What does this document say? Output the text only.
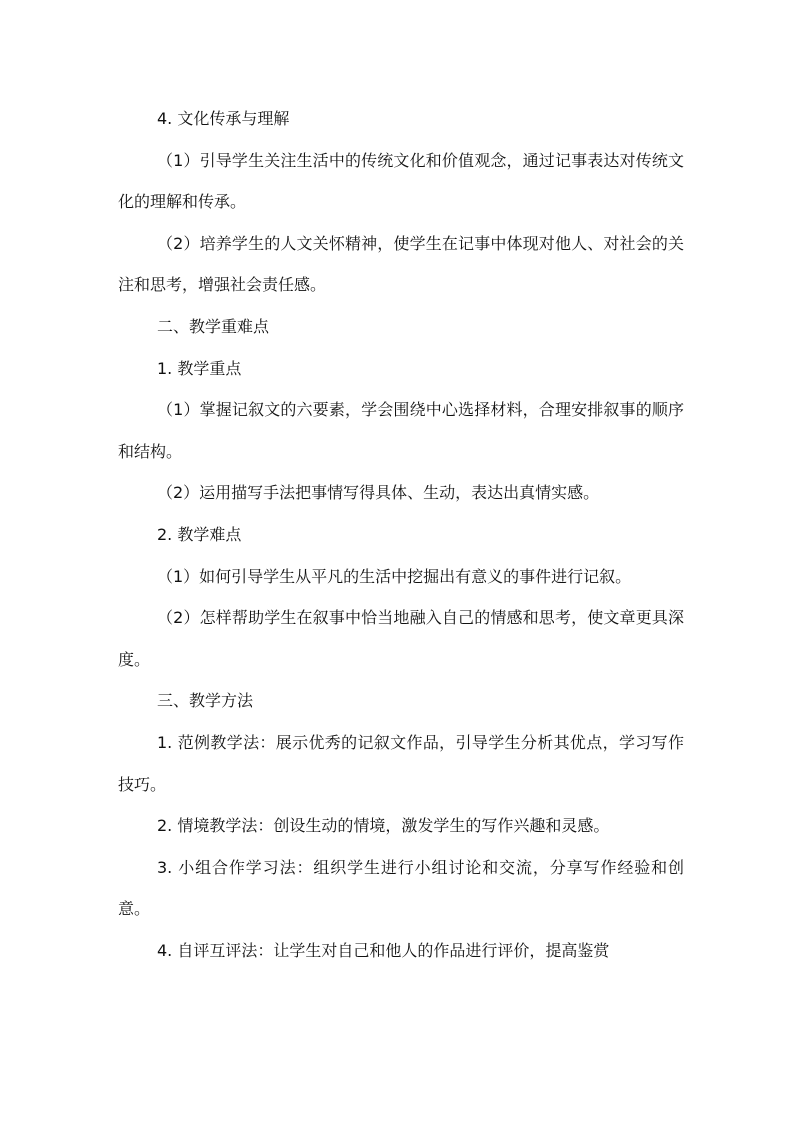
4. 文化传承与理解

（1）引导学生关注生活中的传统文化和价值观念，通过记事表达对传统文化的理解和传承。

（2）培养学生的人文关怀精神，使学生在记事中体现对他人、对社会的关注和思考，增强社会责任感。

二、教学重难点

1. 教学重点

（1）掌握记叙文的六要素，学会围绕中心选择材料，合理安排叙事的顺序和结构。

（2）运用描写手法把事情写得具体、生动，表达出真情实感。

2. 教学难点

（1）如何引导学生从平凡的生活中挖掘出有意义的事件进行记叙。

（2）怎样帮助学生在叙事中恰当地融入自己的情感和思考，使文章更具深度。

三、教学方法

1. 范例教学法：展示优秀的记叙文作品，引导学生分析其优点，学习写作技巧。

2. 情境教学法：创设生动的情境，激发学生的写作兴趣和灵感。

3. 小组合作学习法：组织学生进行小组讨论和交流，分享写作经验和创意。

4. 自评互评法：让学生对自己和他人的作品进行评价，提高鉴赏
